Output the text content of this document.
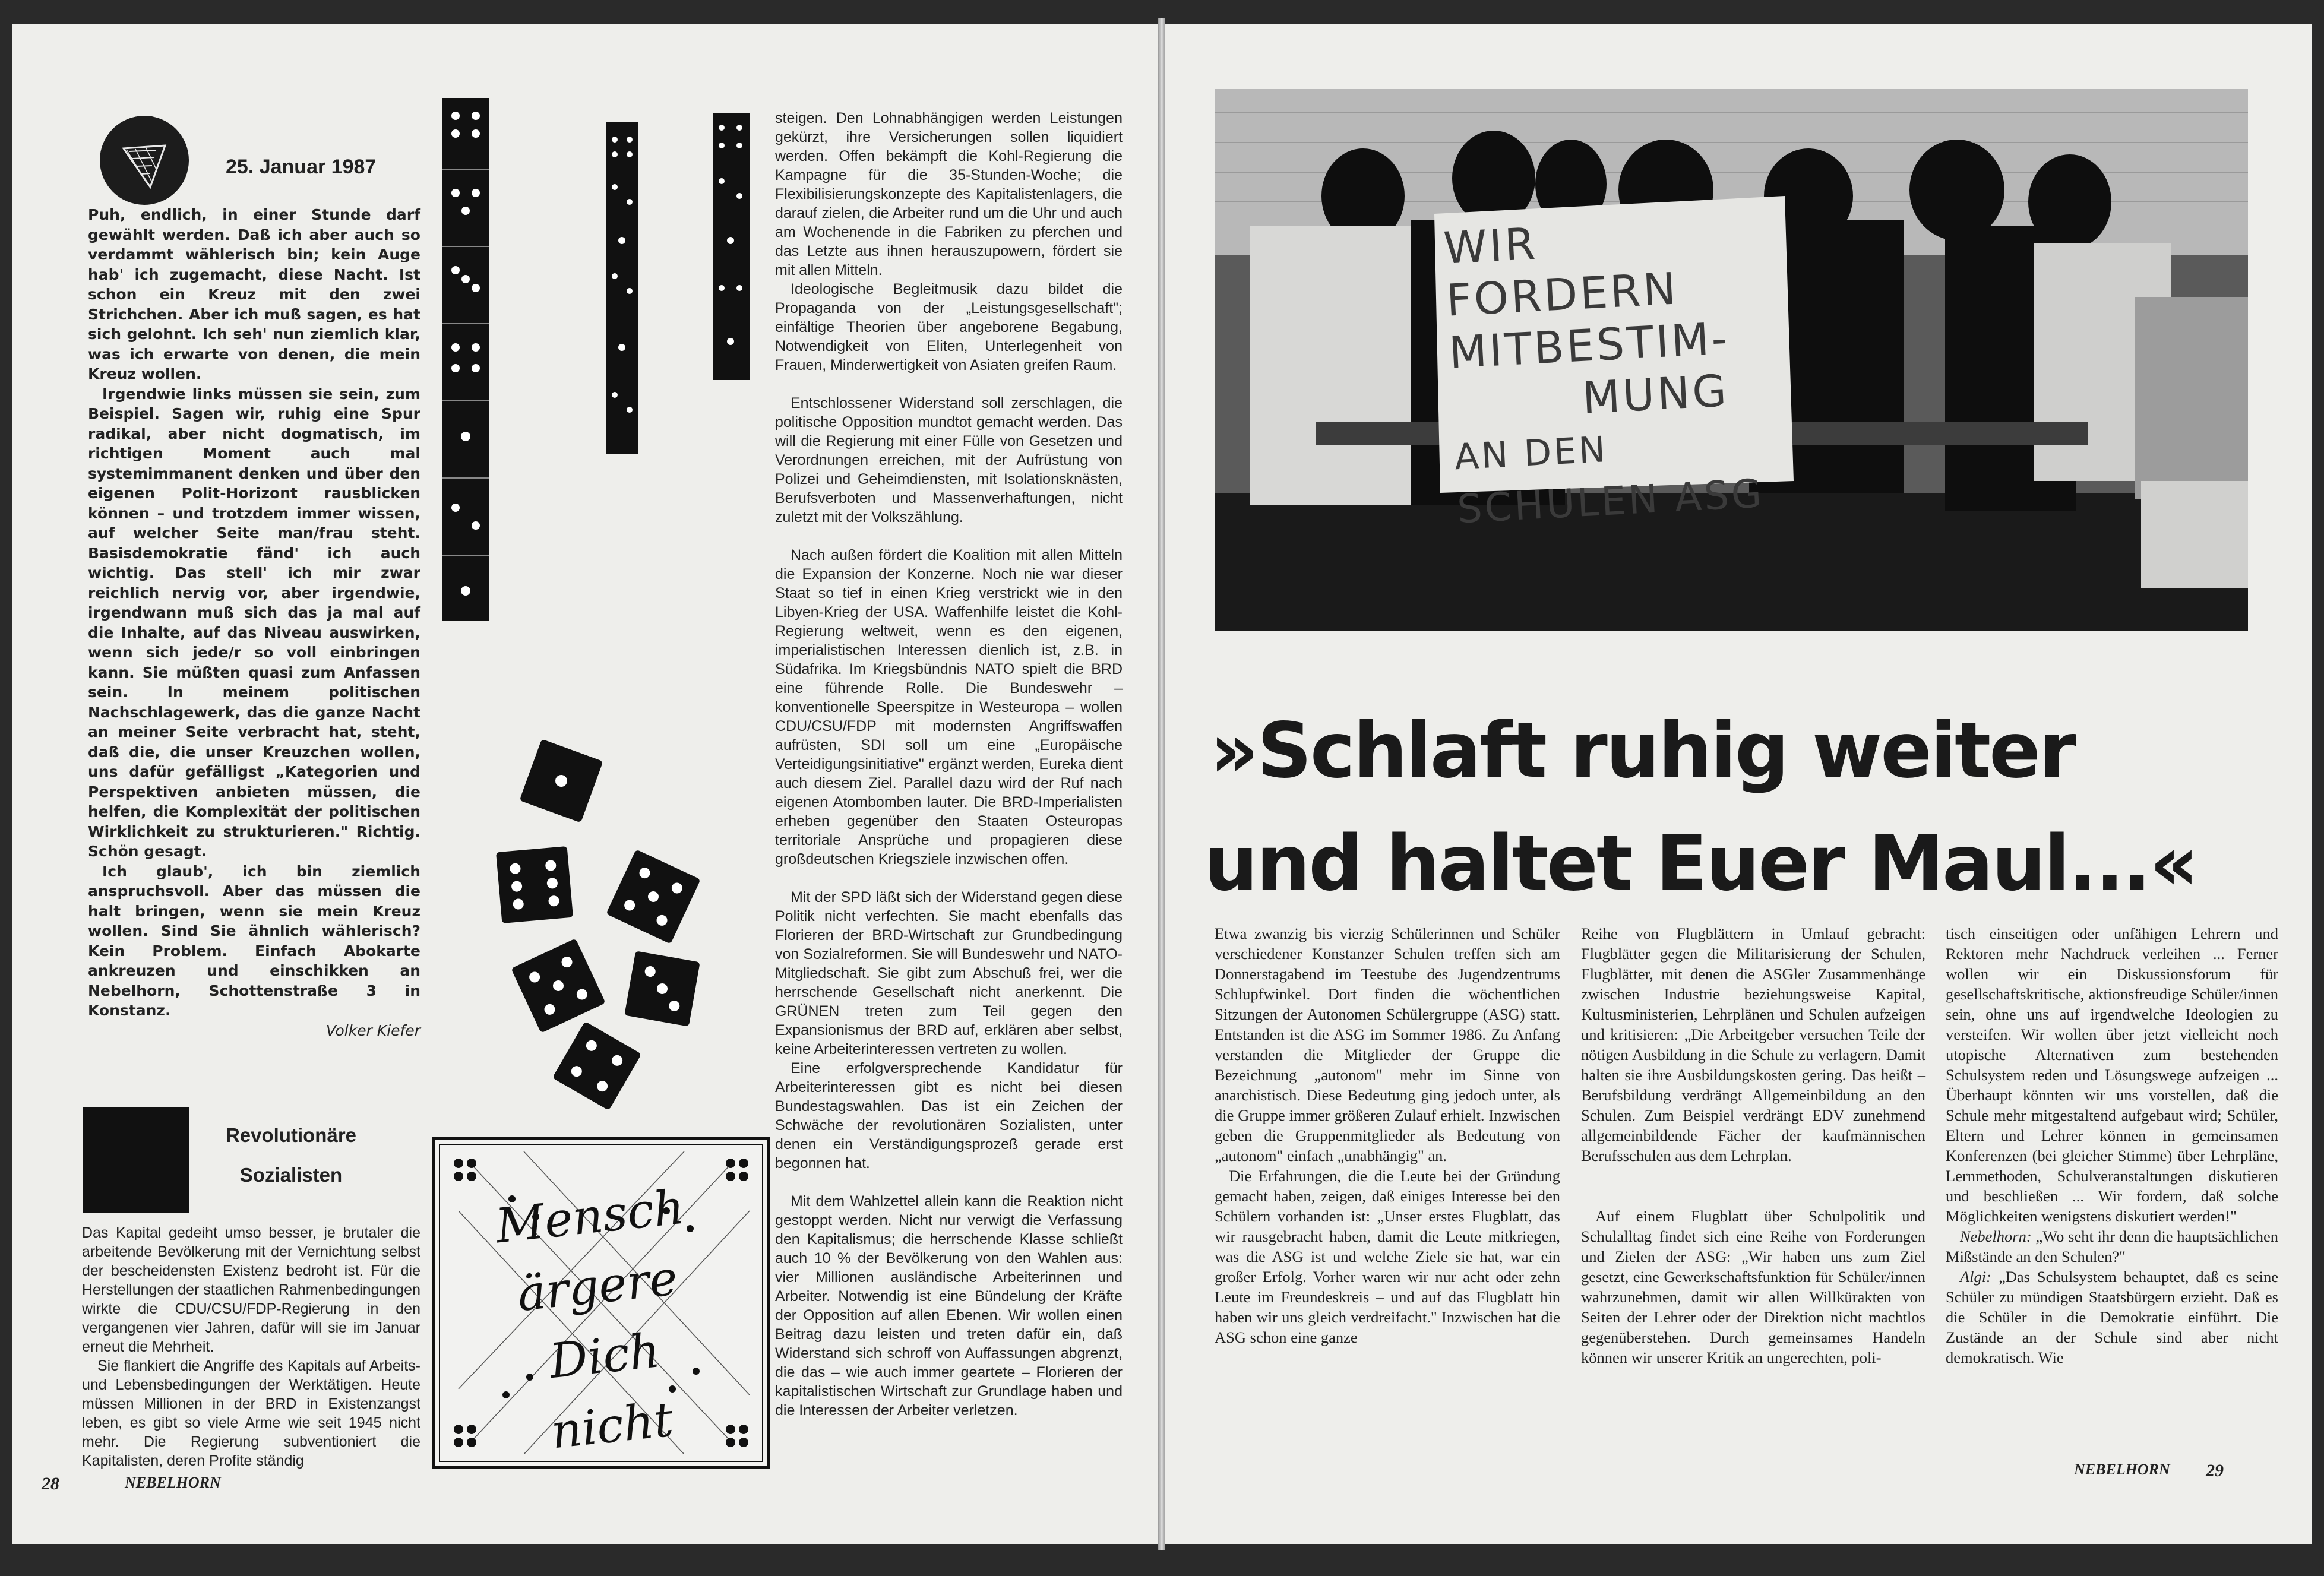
25. Januar 1987

Puh, endlich, in einer Stunde darf gewählt werden. Daß ich aber auch so verdammt wählerisch bin; kein Auge hab' ich zugemacht, diese Nacht. Ist schon ein Kreuz mit den zwei Strichchen. Aber ich muß sagen, es hat sich gelohnt. Ich seh' nun ziemlich klar, was ich erwarte von denen, die mein Kreuz wollen.

Irgendwie links müssen sie sein, zum Beispiel. Sagen wir, ruhig eine Spur radikal, aber nicht dogmatisch, im richtigen Moment auch mal systemimmanent denken und über den eigenen Polit-Horizont rausblicken können – und trotzdem immer wissen, auf welcher Seite man/frau steht. Basisdemokratie fänd' ich auch wichtig. Das stell' ich mir zwar reichlich nervig vor, aber irgendwie, irgendwann muß sich das ja mal auf die Inhalte, auf das Niveau auswirken, wenn sich jede/r so voll einbringen kann. Sie müßten quasi zum Anfassen sein. In meinem politischen Nachschlagewerk, das die ganze Nacht an meiner Seite verbracht hat, steht, daß die, die unser Kreuzchen wollen, uns dafür gefälligst „Kategorien und Perspektiven anbieten müssen, die helfen, die Komplexität der politischen Wirklichkeit zu strukturieren." Richtig. Schön gesagt.

Ich glaub', ich bin ziemlich anspruchsvoll. Aber das müssen die halt bringen, wenn sie mein Kreuz wollen. Sind Sie ähnlich wählerisch? Kein Problem. Einfach Abokarte ankreuzen und einschikken an Nebelhorn, Schottenstraße 3 in Konstanz.

Volker Kiefer
Revolutionäre
Sozialisten

Das Kapital gedeiht umso besser, je brutaler die arbeitende Bevölkerung mit der Vernichtung selbst der bescheidensten Existenz bedroht ist. Für die Herstellungen der staatlichen Rahmenbedingungen wirkte die CDU/CSU/FDP-Regierung in den vergangenen vier Jahren, dafür will sie im Januar erneut die Mehrheit.

Sie flankiert die Angriffe des Kapitals auf Arbeits- und Lebensbedingungen der Werktätigen. Heute müssen Millionen in der BRD in Existenzangst leben, es gibt so viele Arme wie seit 1945 nicht mehr. Die Regierung subventioniert die Kapitalisten, deren Profite ständig

Mensch ärgere Dich nicht

steigen. Den Lohnabhängigen werden Leistungen gekürzt, ihre Versicherungen sollen liquidiert werden. Offen bekämpft die Kohl-Regierung die Kampagne für die 35-Stunden-Woche; die Flexibilisierungskonzepte des Kapitalistenlagers, die darauf zielen, die Arbeiter rund um die Uhr und auch am Wochenende in die Fabriken zu pferchen und das Letzte aus ihnen herauszupowern, fördert sie mit allen Mitteln.

Ideologische Begleitmusik dazu bildet die Propaganda von der „Leistungsgesellschaft"; einfältige Theorien über angeborene Begabung, Notwendigkeit von Eliten, Unterlegenheit von Frauen, Minderwertigkeit von Asiaten greifen Raum.

Entschlossener Widerstand soll zerschlagen, die politische Opposition mundtot gemacht werden. Das will die Regierung mit einer Fülle von Gesetzen und Verordnungen erreichen, mit der Aufrüstung von Polizei und Geheimdiensten, mit Isolationsknästen, Berufsverboten und Massenverhaftungen, nicht zuletzt mit der Volkszählung.

Nach außen fördert die Koalition mit allen Mitteln die Expansion der Konzerne. Noch nie war dieser Staat so tief in einen Krieg verstrickt wie in den Libyen-Krieg der USA. Waffenhilfe leistet die Kohl-Regierung weltweit, wenn es den eigenen, imperialistischen Interessen dienlich ist, z.B. in Südafrika. Im Kriegsbündnis NATO spielt die BRD eine führende Rolle. Die Bundeswehr – konventionelle Speerspitze in Westeuropa – wollen CDU/CSU/FDP mit modernsten Angriffswaffen aufrüsten, SDI soll um eine „Europäische Verteidigungsinitiative" ergänzt werden, Eureka dient auch diesem Ziel. Parallel dazu wird der Ruf nach eigenen Atombomben lauter. Die BRD-Imperialisten erheben gegenüber den Staaten Osteuropas territoriale Ansprüche und propagieren diese großdeutschen Kriegsziele inzwischen offen.

Mit der SPD läßt sich der Widerstand gegen diese Politik nicht verfechten. Sie macht ebenfalls das Florieren der BRD-Wirtschaft zur Grundbedingung von Sozialreformen. Sie will Bundeswehr und NATO-Mitgliedschaft. Sie gibt zum Abschuß frei, wer die herrschende Gesellschaft nicht anerkennt. Die GRÜNEN treten zum Teil gegen den Expansionismus der BRD auf, erklären aber selbst, keine Arbeiterinteressen vertreten zu wollen.

Eine erfolgversprechende Kandidatur für Arbeiterinteressen gibt es nicht bei diesen Bundestagswahlen. Das ist ein Zeichen der Schwäche der revolutionären Sozialisten, unter denen ein Verständigungsprozeß gerade erst begonnen hat.

Mit dem Wahlzettel allein kann die Reaktion nicht gestoppt werden. Nicht nur verwigt die Verfassung den Kapitalismus; die herrschende Klasse schließt auch 10 % der Bevölkerung von den Wahlen aus: vier Millionen ausländische Arbeiterinnen und Arbeiter. Notwendig ist eine Bündelung der Kräfte der Opposition auf allen Ebenen. Wir wollen einen Beitrag dazu leisten und treten dafür ein, daß Widerstand sich schroff von Auffassungen abgrenzt, die das – wie auch immer geartete – Florieren der kapitalistischen Wirtschaft zur Grundlage haben und die Interessen der Arbeiter verletzen.

28	NEBELHORN
WIR FORDERN
MITBESTIM-
MUNG
AN DEN
SCHULEN ASG
»Schlaft ruhig weiter
und haltet Euer Maul...«

Etwa zwanzig bis vierzig Schülerinnen und Schüler verschiedener Konstanzer Schulen treffen sich am Donnerstagabend im Teestube des Jugendzentrums Schlupfwinkel. Dort finden die wöchentlichen Sitzungen der Autonomen Schülergruppe (ASG) statt. Entstanden ist die ASG im Sommer 1986. Zu Anfang verstanden die Mitglieder der Gruppe die Bezeichnung „autonom" mehr im Sinne von anarchistisch. Diese Bedeutung ging jedoch unter, als die Gruppe immer größeren Zulauf erhielt. Inzwischen geben die Gruppenmitglieder als Bedeutung von „autonom" einfach „unabhängig" an.

Die Erfahrungen, die die Leute bei der Gründung gemacht haben, zeigen, daß einiges Interesse bei den Schülern vorhanden ist: „Unser erstes Flugblatt, das wir rausgebracht haben, damit die Leute mitkriegen, was die ASG ist und welche Ziele sie hat, war ein großer Erfolg. Vorher waren wir nur acht oder zehn Leute im Freundeskreis – und auf das Flugblatt hin haben wir uns gleich verdreifacht." Inzwischen hat die ASG schon eine ganze

Reihe von Flugblättern in Umlauf gebracht: Flugblätter gegen die Militarisierung der Schulen, Flugblätter, mit denen die ASGler Zusammenhänge zwischen Industrie beziehungsweise Kapital, Kultusministerien, Lehrplänen und Schulen aufzeigen und kritisieren: „Die Arbeitgeber versuchen Teile der nötigen Ausbildung in die Schule zu verlagern. Damit halten sie ihre Ausbildungskosten gering. Das heißt – Berufsbildung verdrängt Allgemeinbildung an den Schulen. Zum Beispiel verdrängt EDV zunehmend allgemeinbildende Fächer der kaufmännischen Berufsschulen aus dem Lehrplan.

Auf einem Flugblatt über Schulpolitik und Schulalltag findet sich eine Reihe von Forderungen und Zielen der ASG: „Wir haben uns zum Ziel gesetzt, eine Gewerkschaftsfunktion für Schüler/innen wahrzunehmen, damit wir allen Willkürakten von Seiten der Lehrer oder der Direktion nicht machtlos gegenüberstehen. Durch gemeinsames Handeln können wir unserer Kritik an ungerechten, poli-

tisch einseitigen oder unfähigen Lehrern und Rektoren mehr Nachdruck verleihen ... Ferner wollen wir ein Diskussionsforum für gesellschaftskritische, aktionsfreudige Schüler/innen sein, ohne uns auf irgendwelche Ideologien zu versteifen. Wir wollen über jetzt vielleicht noch utopische Alternativen zum bestehenden Schulsystem reden und Lösungswege aufzeigen ... Überhaupt könnten wir uns vorstellen, daß die Schule mehr mitgestaltend aufgebaut wird; Schüler, Eltern und Lehrer können in gemeinsamen Konferenzen (bei gleicher Stimme) über Lehrpläne, Lernmethoden, Schulveranstaltungen diskutieren und beschließen ... Wir fordern, daß solche Möglichkeiten wenigstens diskutiert werden!"

Nebelhorn: „Wo seht ihr denn die hauptsächlichen Mißstände an den Schulen?"

Algi: „Das Schulsystem behauptet, daß es seine Schüler zu mündigen Staatsbürgern erzieht. Daß es die Schüler in die Demokratie einführt. Die Zustände an der Schule sind aber nicht demokratisch. Wie

NEBELHORN 29
